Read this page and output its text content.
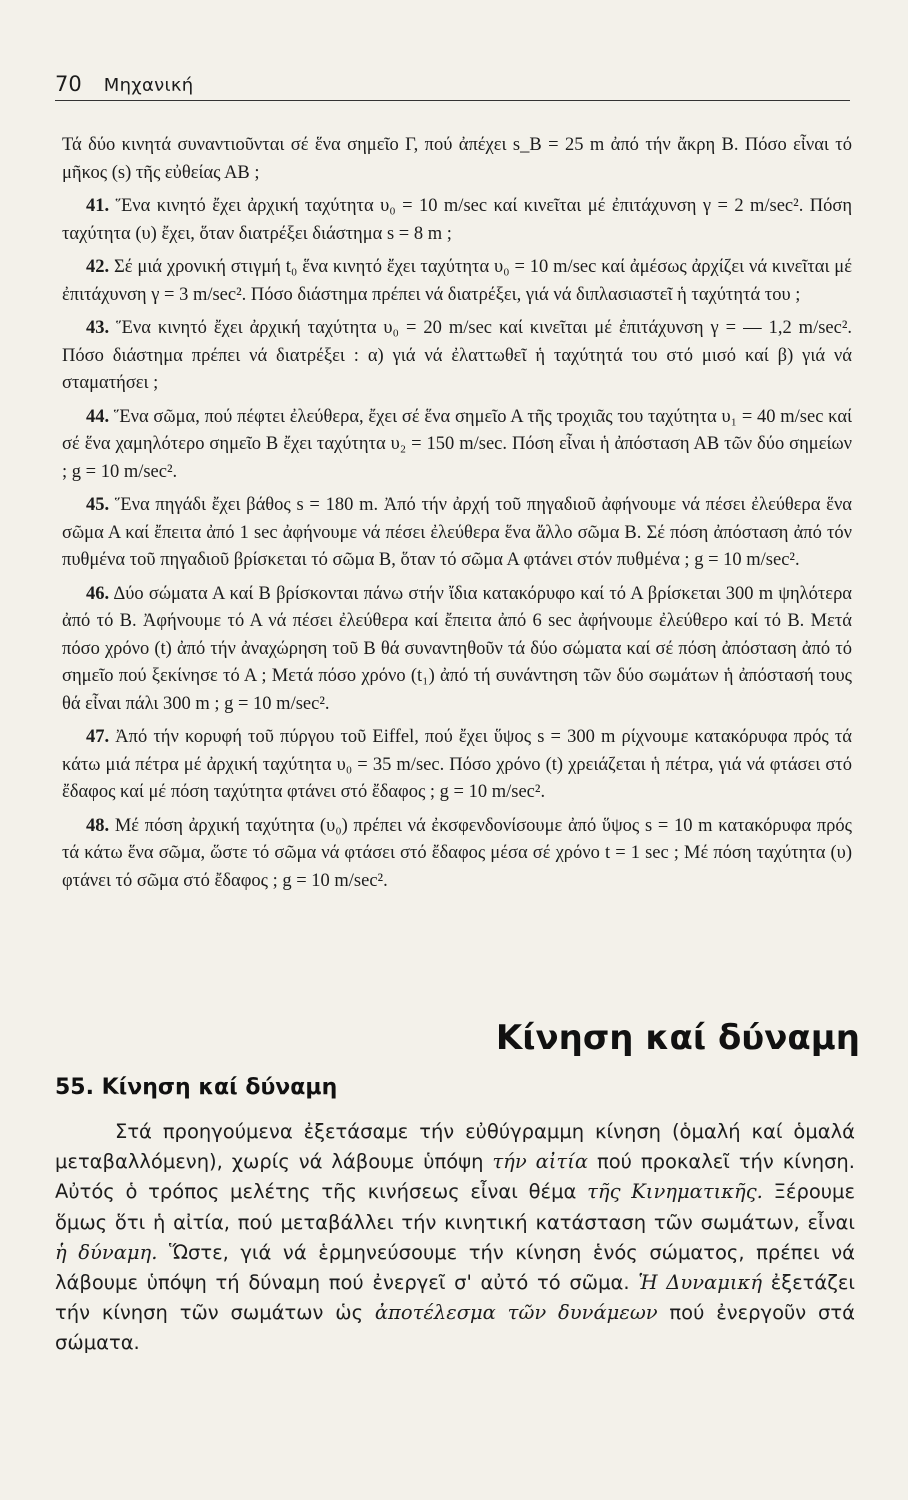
70 Μηχανική

Τά δύο κινητά συναντιοῦνται σέ ἕνα σημεῖο Γ, πού ἀπέχει s_B = 25 m ἀπό τήν ἄκρη Β. Πόσο εἶναι τό μῆκος (s) τῆς εὐθείας ΑΒ ;

41. Ἕνα κινητό ἔχει ἀρχική ταχύτητα υ₀ = 10 m/sec καί κινεῖται μέ ἐπιτάχυνση γ = 2 m/sec². Πόση ταχύτητα (υ) ἔχει, ὅταν διατρέξει διάστημα s = 8 m ;

42. Σέ μιά χρονική στιγμή t₀ ἕνα κινητό ἔχει ταχύτητα υ₀ = 10 m/sec καί ἀμέσως ἀρχίζει νά κινεῖται μέ ἐπιτάχυνση γ = 3 m/sec². Πόσο διάστημα πρέπει νά διατρέξει, γιά νά διπλασιαστεῖ ἡ ταχύτητά του ;

43. Ἕνα κινητό ἔχει ἀρχική ταχύτητα υ₀ = 20 m/sec καί κινεῖται μέ ἐπιτάχυνση γ = — 1,2 m/sec². Πόσο διάστημα πρέπει νά διατρέξει : α) γιά νά ἐλαττωθεῖ ἡ ταχύτητά του στό μισό καί β) γιά νά σταματήσει ;

44. Ἕνα σῶμα, πού πέφτει ἐλεύθερα, ἔχει σέ ἕνα σημεῖο Α τῆς τροχιᾶς του ταχύτητα υ₁ = 40 m/sec καί σέ ἕνα χαμηλότερο σημεῖο Β ἔχει ταχύτητα υ₂ = 150 m/sec. Πόση εἶναι ἡ ἀπόσταση ΑΒ τῶν δύο σημείων ; g = 10 m/sec².

45. Ἕνα πηγάδι ἔχει βάθος s = 180 m. Ἀπό τήν ἀρχή τοῦ πηγαδιοῦ ἀφήνουμε νά πέσει ἐλεύθερα ἕνα σῶμα Α καί ἔπειτα ἀπό 1 sec ἀφήνουμε νά πέσει ἐλεύθερα ἕνα ἄλλο σῶμα Β. Σέ πόση ἀπόσταση ἀπό τόν πυθμένα τοῦ πηγαδιοῦ βρίσκεται τό σῶμα Β, ὅταν τό σῶμα Α φτάνει στόν πυθμένα ; g = 10 m/sec².

46. Δύο σώματα Α καί Β βρίσκονται πάνω στήν ἴδια κατακόρυφο καί τό Α βρίσκεται 300 m ψηλότερα ἀπό τό Β. Ἀφήνουμε τό Α νά πέσει ἐλεύθερα καί ἔπειτα ἀπό 6 sec ἀφήνουμε ἐλεύθερο καί τό Β. Μετά πόσο χρόνο (t) ἀπό τήν ἀναχώρηση τοῦ Β θά συναντηθοῦν τά δύο σώματα καί σέ πόση ἀπόσταση ἀπό τό σημεῖο πού ξεκίνησε τό Α ; Μετά πόσο χρόνο (t₁) ἀπό τή συνάντηση τῶν δύο σωμάτων ἡ ἀπόστασή τους θά εἶναι πάλι 300 m ; g = 10 m/sec².

47. Ἀπό τήν κορυφή τοῦ πύργου τοῦ Eiffel, πού ἔχει ὕψος s = 300 m ρίχνουμε κατακόρυφα πρός τά κάτω μιά πέτρα μέ ἀρχική ταχύτητα υ₀ = 35 m/sec. Πόσο χρόνο (t) χρειάζεται ἡ πέτρα, γιά νά φτάσει στό ἔδαφος καί μέ πόση ταχύτητα φτάνει στό ἔδαφος ; g = 10 m/sec².

48. Μέ πόση ἀρχική ταχύτητα (υ₀) πρέπει νά ἐκσφενδονίσουμε ἀπό ὕψος s = 10 m κατακόρυφα πρός τά κάτω ἕνα σῶμα, ὥστε τό σῶμα νά φτάσει στό ἔδαφος μέσα σέ χρόνο t = 1 sec ; Μέ πόση ταχύτητα (υ) φτάνει τό σῶμα στό ἔδαφος ; g = 10 m/sec².

Κίνηση καί δύναμη
55. Κίνηση καί δύναμη

Στά προηγούμενα ἐξετάσαμε τήν εὐθύγραμμη κίνηση (ὁμαλή καί ὁμαλά μεταβαλλόμενη), χωρίς νά λάβουμε ὑπόψη τήν αἰτία πού προκαλεῖ τήν κίνηση. Αὐτός ὁ τρόπος μελέτης τῆς κινήσεως εἶναι θέμα τῆς Κινηματικῆς. Ξέρουμε ὅμως ὅτι ἡ αἰτία, πού μεταβάλλει τήν κινητική κατάσταση τῶν σωμάτων, εἶναι ἡ δύναμη. Ὥστε, γιά νά ἑρμηνεύσουμε τήν κίνηση ἑνός σώματος, πρέπει νά λάβουμε ὑπόψη τή δύναμη πού ἐνεργεῖ σ' αὐτό τό σῶμα. Ἡ Δυναμική ἐξετάζει τήν κίνηση τῶν σωμάτων ὡς ἀποτέλεσμα τῶν δυνάμεων πού ἐνεργοῦν στά σώματα.
